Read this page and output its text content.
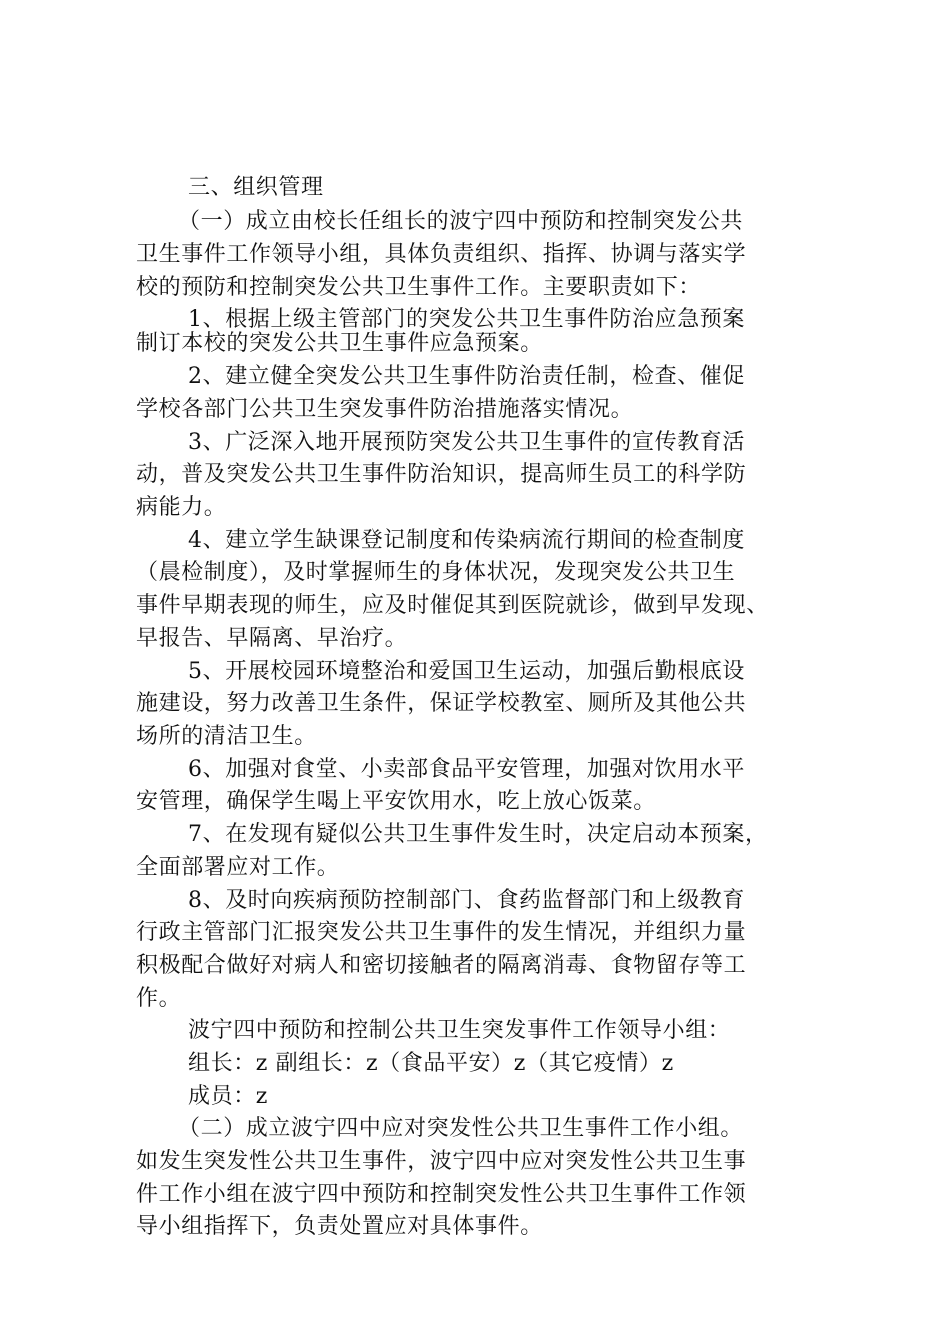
三、组织管理
（一）成立由校长任组长的波宁四中预防和控制突发公共
卫生事件工作领导小组，具体负责组织、指挥、协调与落实学
校的预防和控制突发公共卫生事件工作。主要职责如下：
1、根据上级主管部门的突发公共卫生事件防治应急预案
制订本校的突发公共卫生事件应急预案。
2、建立健全突发公共卫生事件防治责任制，检查、催促
学校各部门公共卫生突发事件防治措施落实情况。
3、广泛深入地开展预防突发公共卫生事件的宣传教育活
动，普及突发公共卫生事件防治知识，提高师生员工的科学防
病能力。
4、建立学生缺课登记制度和传染病流行期间的检查制度
（晨检制度），及时掌握师生的身体状况，发现突发公共卫生
事件早期表现的师生，应及时催促其到医院就诊，做到早发现、
早报告、早隔离、早治疗。
5、开展校园环境整治和爱国卫生运动，加强后勤根底设
施建设，努力改善卫生条件，保证学校教室、厕所及其他公共
场所的清洁卫生。
6、加强对食堂、小卖部食品平安管理，加强对饮用水平
安管理，确保学生喝上平安饮用水，吃上放心饭菜。
7、在发现有疑似公共卫生事件发生时，决定启动本预案，
全面部署应对工作。
8、及时向疾病预防控制部门、食药监督部门和上级教育
行政主管部门汇报突发公共卫生事件的发生情况，并组织力量
积极配合做好对病人和密切接触者的隔离消毒、食物留存等工
作。
波宁四中预防和控制公共卫生突发事件工作领导小组：
组长：z 副组长：z（食品平安）z（其它疫情）z
成员：z
（二）成立波宁四中应对突发性公共卫生事件工作小组。
如发生突发性公共卫生事件，波宁四中应对突发性公共卫生事
件工作小组在波宁四中预防和控制突发性公共卫生事件工作领
导小组指挥下，负责处置应对具体事件。
